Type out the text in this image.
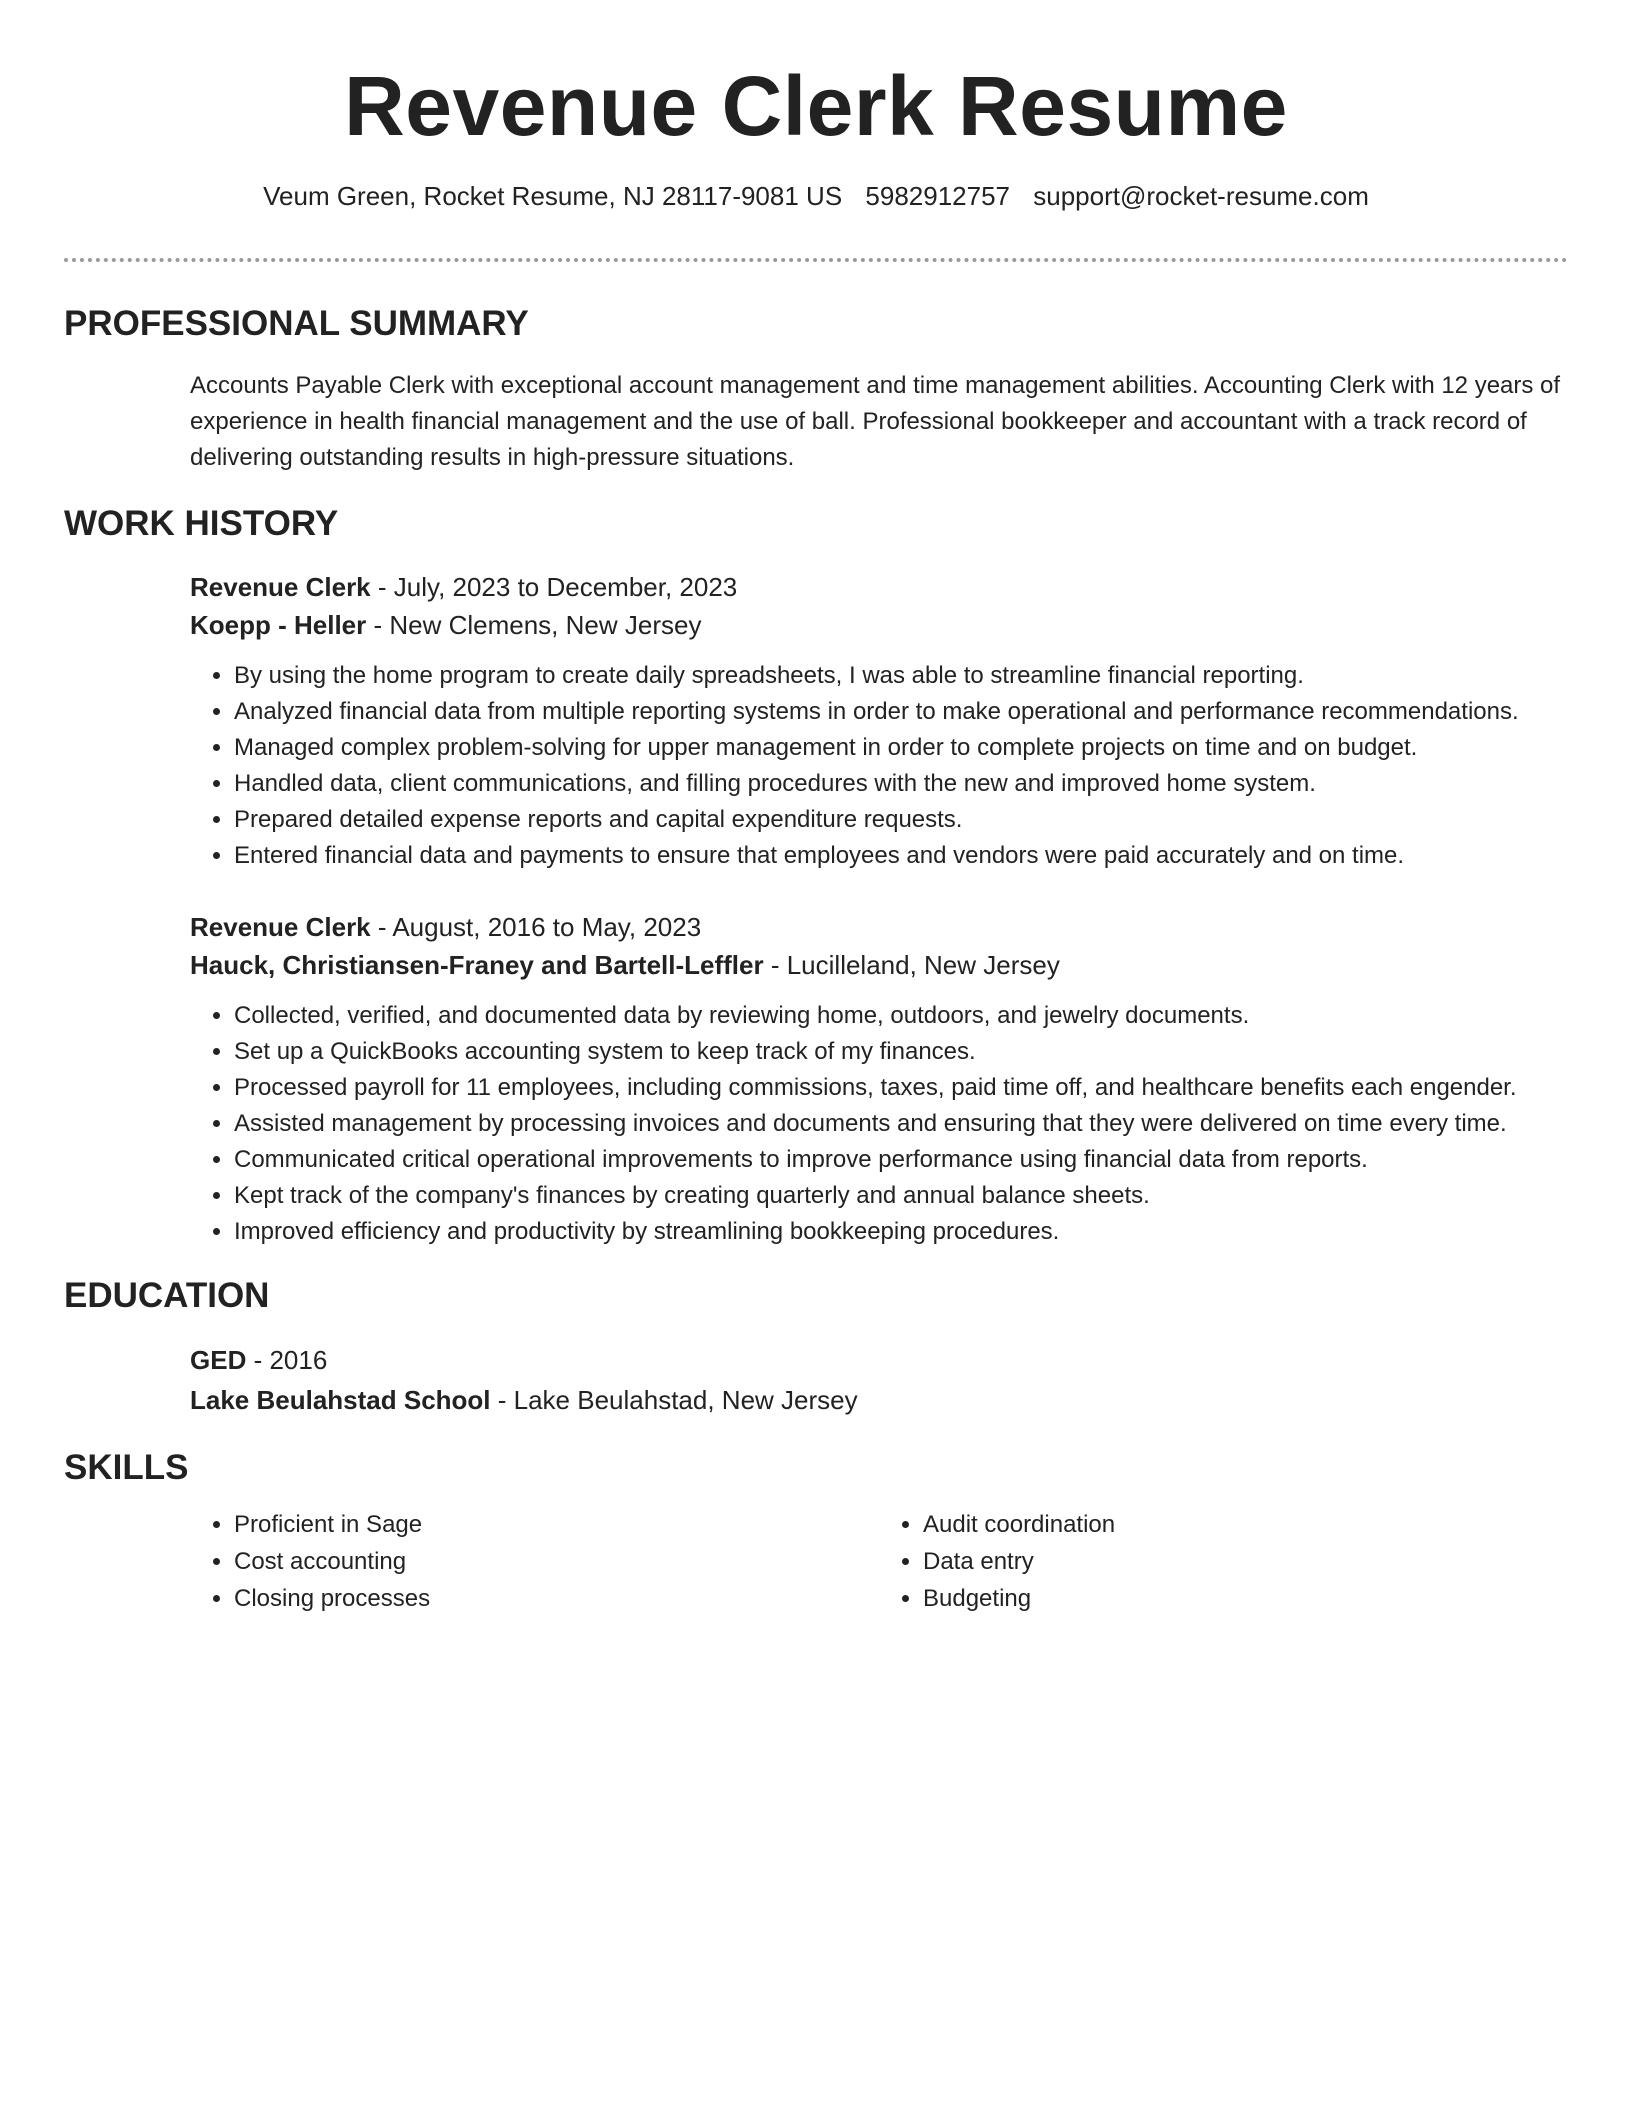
Revenue Clerk Resume
Veum Green, Rocket Resume, NJ 28117-9081 US 5982912757 support@rocket-resume.com
PROFESSIONAL SUMMARY

Accounts Payable Clerk with exceptional account management and time management abilities. Accounting Clerk with 12 years of experience in health financial management and the use of ball. Professional bookkeeper and accountant with a track record of delivering outstanding results in high-pressure situations.

WORK HISTORY
Revenue Clerk - July, 2023 to December, 2023
Koepp - Heller - New Clemens, New Jersey
• By using the home program to create daily spreadsheets, I was able to streamline financial reporting.
• Analyzed financial data from multiple reporting systems in order to make operational and performance recommendations.
• Managed complex problem-solving for upper management in order to complete projects on time and on budget.
• Handled data, client communications, and filling procedures with the new and improved home system.
• Prepared detailed expense reports and capital expenditure requests.
• Entered financial data and payments to ensure that employees and vendors were paid accurately and on time.
Revenue Clerk - August, 2016 to May, 2023
Hauck, Christiansen-Franey and Bartell-Leffler - Lucilleland, New Jersey
• Collected, verified, and documented data by reviewing home, outdoors, and jewelry documents.
• Set up a QuickBooks accounting system to keep track of my finances.
• Processed payroll for 11 employees, including commissions, taxes, paid time off, and healthcare benefits each engender.
• Assisted management by processing invoices and documents and ensuring that they were delivered on time every time.
• Communicated critical operational improvements to improve performance using financial data from reports.
• Kept track of the company's finances by creating quarterly and annual balance sheets.
• Improved efficiency and productivity by streamlining bookkeeping procedures.
EDUCATION
GED - 2016
Lake Beulahstad School - Lake Beulahstad, New Jersey
SKILLS
• Proficient in Sage
• Cost accounting
• Closing processes
• Audit coordination
• Data entry
• Budgeting
